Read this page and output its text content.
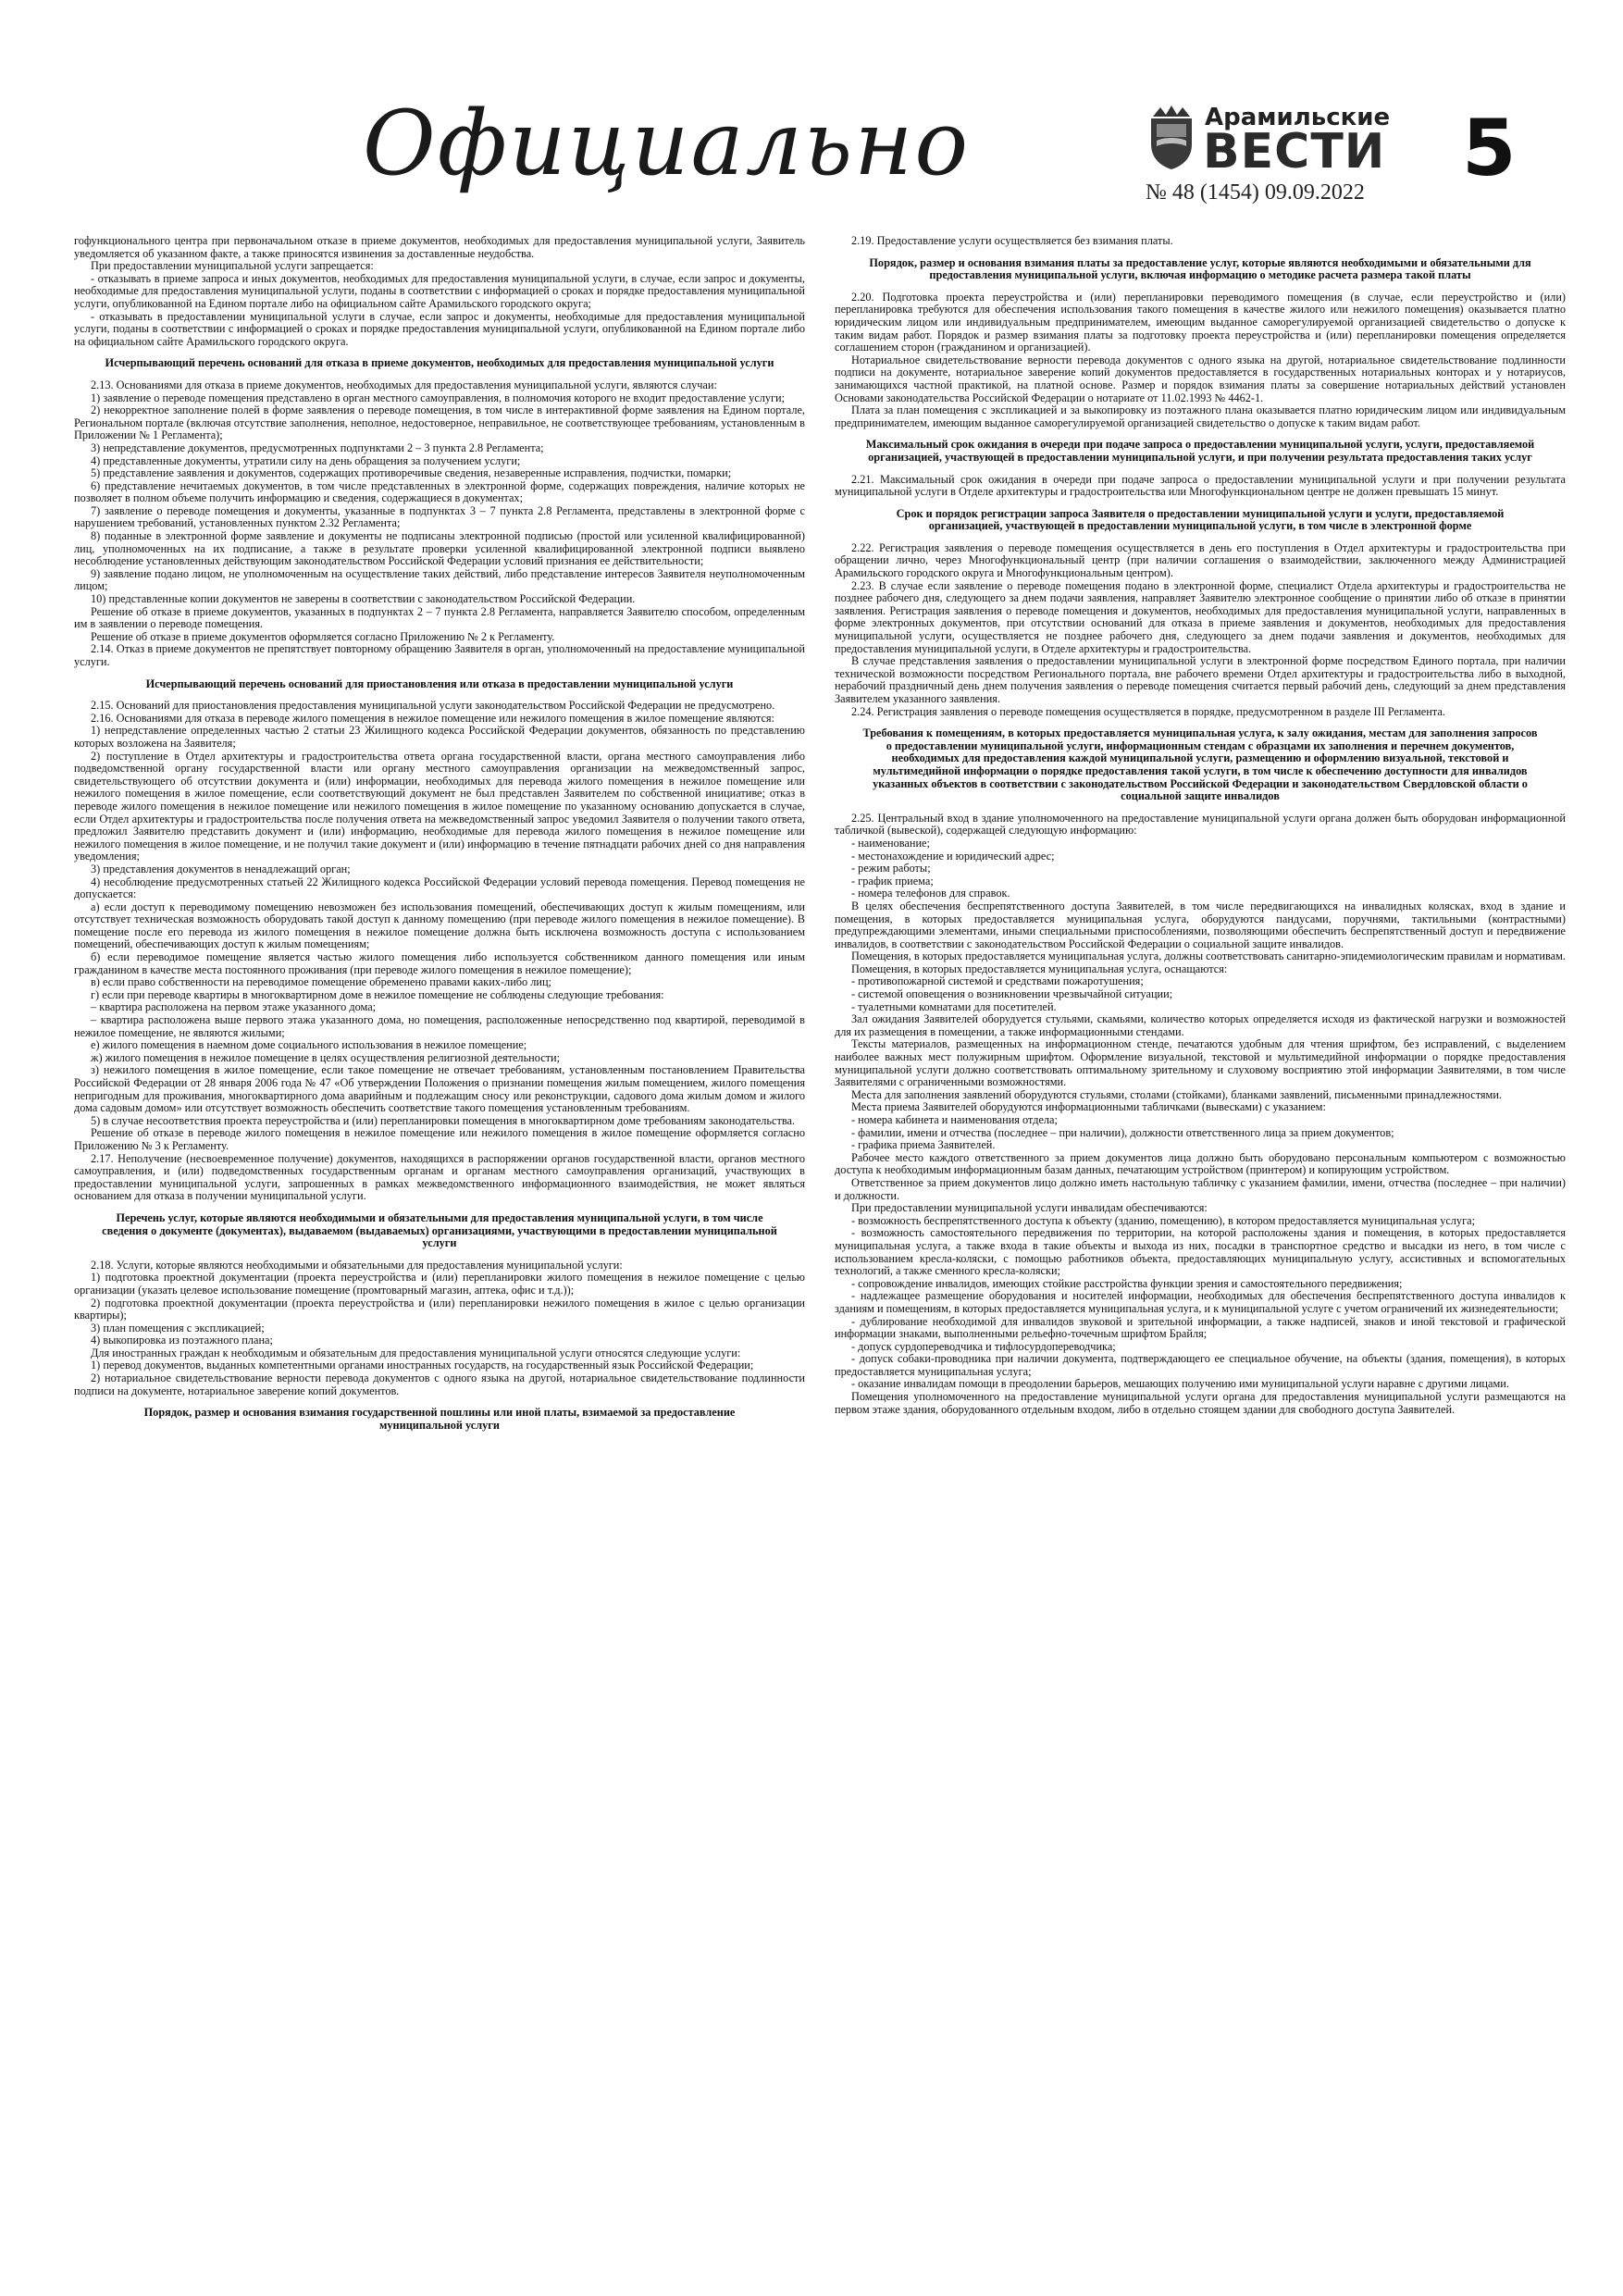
Официально	Арамильские
ВЕСТИ
№ 48 (1454) 09.09.2022 5

гофункционального центра при первоначальном отказе в приеме документов, необходимых для предоставления муниципальной услуги, Заявитель уведомляется об указанном факте, а также приносятся извинения за доставленные неудобства.

При предоставлении муниципальной услуги запрещается:

- отказывать в приеме запроса и иных документов, необходимых для предоставления муниципальной услуги, в случае, если запрос и документы, необходимые для предоставления муниципальной услуги, поданы в соответствии с информацией о сроках и порядке предоставления муниципальной услуги, опубликованной на Едином портале либо на официальном сайте Арамильского городского округа;

- отказывать в предоставлении муниципальной услуги в случае, если запрос и документы, необходимые для предоставления муниципальной услуги, поданы в соответствии с информацией о сроках и порядке предоставления муниципальной услуги, опубликованной на Едином портале либо на официальном сайте Арамильского городского округа.

Исчерпывающий перечень оснований для отказа в приеме документов, необходимых для предоставления муниципальной услуги

2.13. Основаниями для отказа в приеме документов, необходимых для предоставления муниципальной услуги, являются случаи:

1) заявление о переводе помещения представлено в орган местного самоуправления, в полномочия которого не входит предоставление услуги;

2) некорректное заполнение полей в форме заявления о переводе помещения, в том числе в интерактивной форме заявления на Едином портале, Региональном портале (включая отсутствие заполнения, неполное, недостоверное, неправильное, не соответствующее требованиям, установленным в Приложении № 1 Регламента);

3) непредставление документов, предусмотренных подпунктами 2 – 3 пункта 2.8 Регламента;

4) представленные документы, утратили силу на день обращения за получением услуги;

5) представление заявления и документов, содержащих противоречивые сведения, незаверенные исправления, подчистки, помарки;

6) представление нечитаемых документов, в том числе представленных в электронной форме, содержащих повреждения, наличие которых не позволяет в полном объеме получить информацию и сведения, содержащиеся в документах;

7) заявление о переводе помещения и документы, указанные в подпунктах 3 – 7 пункта 2.8 Регламента, представлены в электронной форме с нарушением требований, установленных пунктом 2.32 Регламента;

8) поданные в электронной форме заявление и документы не подписаны электронной подписью (простой или усиленной квалифицированной) лиц, уполномоченных на их подписание, а также в результате проверки усиленной квалифицированной электронной подписи выявлено несоблюдение установленных действующим законодательством Российской Федерации условий признания ее действительности;

9) заявление подано лицом, не уполномоченным на осуществление таких действий, либо представление интересов Заявителя неуполномоченным лицом;

10) представленные копии документов не заверены в соответствии с законодательством Российской Федерации.

Решение об отказе в приеме документов, указанных в подпунктах 2 – 7 пункта 2.8 Регламента, направляется Заявителю способом, определенным им в заявлении о переводе помещения.

Решение об отказе в приеме документов оформляется согласно Приложению № 2 к Регламенту.

2.14. Отказ в приеме документов не препятствует повторному обращению Заявителя в орган, уполномоченный на предоставление муниципальной услуги.

Исчерпывающий перечень оснований для приостановления или отказа в предоставлении муниципальной услуги

2.15. Оснований для приостановления предоставления муниципальной услуги законодательством Российской Федерации не предусмотрено.

2.16. Основаниями для отказа в переводе жилого помещения в нежилое помещение или нежилого помещения в жилое помещение являются:

1) непредставление определенных частью 2 статьи 23 Жилищного кодекса Российской Федерации документов, обязанность по представлению которых возложена на Заявителя;

2) поступление в Отдел архитектуры и градостроительства ответа органа государственной власти, органа местного самоуправления либо подведомственной органу государственной власти или органу местного самоуправления организации на межведомственный запрос, свидетельствующего об отсутствии документа и (или) информации, необходимых для перевода жилого помещения в нежилое помещение или нежилого помещения в жилое помещение, если соответствующий документ не был представлен Заявителем по собственной инициативе; отказ в переводе жилого помещения в нежилое помещение или нежилого помещения в жилое помещение по указанному основанию допускается в случае, если Отдел архитектуры и градостроительства после получения ответа на межведомственный запрос уведомил Заявителя о получении такого ответа, предложил Заявителю представить документ и (или) информацию, необходимые для перевода жилого помещения в нежилое помещение или нежилого помещения в жилое помещение, и не получил такие документ и (или) информацию в течение пятнадцати рабочих дней со дня направления уведомления;

3) представления документов в ненадлежащий орган;

4) несоблюдение предусмотренных статьей 22 Жилищного кодекса Российской Федерации условий перевода помещения. Перевод помещения не допускается:

а) если доступ к переводимому помещению невозможен без использования помещений, обеспечивающих доступ к жилым помещениям, или отсутствует техническая возможность оборудовать такой доступ к данному помещению (при переводе жилого помещения в нежилое помещение). В помещение после его перевода из жилого помещения в нежилое помещение должна быть исключена возможность доступа с использованием помещений, обеспечивающих доступ к жилым помещениям;

б) если переводимое помещение является частью жилого помещения либо используется собственником данного помещения или иным гражданином в качестве места постоянного проживания (при переводе жилого помещения в нежилое помещение);

в) если право собственности на переводимое помещение обременено правами каких-либо лиц;

г) если при переводе квартиры в многоквартирном доме в нежилое помещение не соблюдены следующие требования:

– квартира расположена на первом этаже указанного дома;

– квартира расположена выше первого этажа указанного дома, но помещения, расположенные непосредственно под квартирой, переводимой в нежилое помещение, не являются жилыми;

е) жилого помещения в наемном доме социального использования в нежилое помещение;

ж) жилого помещения в нежилое помещение в целях осуществления религиозной деятельности;

з) нежилого помещения в жилое помещение, если такое помещение не отвечает требованиям, установленным постановлением Правительства Российской Федерации от 28 января 2006 года № 47 «Об утверждении Положения о признании помещения жилым помещением, жилого помещения непригодным для проживания, многоквартирного дома аварийным и подлежащим сносу или реконструкции, садового дома жилым домом и жилого дома садовым домом» или отсутствует возможность обеспечить соответствие такого помещения установленным требованиям.

5) в случае несоответствия проекта переустройства и (или) перепланировки помещения в многоквартирном доме требованиям законодательства.

Решение об отказе в переводе жилого помещения в нежилое помещение или нежилого помещения в жилое помещение оформляется согласно Приложению № 3 к Регламенту.

2.17. Неполучение (несвоевременное получение) документов, находящихся в распоряжении органов государственной власти, органов местного самоуправления, и (или) подведомственных государственным органам и органам местного самоуправления организаций, участвующих в предоставлении муниципальной услуги, запрошенных в рамках межведомственного информационного взаимодействия, не может являться основанием для отказа в получении муниципальной услуги.

Перечень услуг, которые являются необходимыми и обязательными для предоставления муниципальной услуги, в том числе сведения о документе (документах), выдаваемом (выдаваемых) организациями, участвующими в предоставлении муниципальной услуги

2.18. Услуги, которые являются необходимыми и обязательными для предоставления муниципальной услуги:

1) подготовка проектной документации (проекта переустройства и (или) перепланировки жилого помещения в нежилое помещение с целью организации (указать целевое использование помещение (промтоварный магазин, аптека, офис и т.д.));

2) подготовка проектной документации (проекта переустройства и (или) перепланировки нежилого помещения в жилое с целью организации квартиры);

3) план помещения с экспликацией;

4) выкопировка из поэтажного плана;

Для иностранных граждан к необходимым и обязательным для предоставления муниципальной услуги относятся следующие услуги:

1) перевод документов, выданных компетентными органами иностранных государств, на государственный язык Российской Федерации;

2) нотариальное свидетельствование верности перевода документов с одного языка на другой, нотариальное свидетельствование подлинности подписи на документе, нотариальное заверение копий документов.

Порядок, размер и основания взимания государственной пошлины или иной платы, взимаемой за предоставление муниципальной услуги

2.19. Предоставление услуги осуществляется без взимания платы.

Порядок, размер и основания взимания платы за предоставление услуг, которые являются необходимыми и обязательными для предоставления муниципальной услуги, включая информацию о методике расчета размера такой платы

2.20. Подготовка проекта переустройства и (или) перепланировки переводимого помещения (в случае, если переустройство и (или) перепланировка требуются для обеспечения использования такого помещения в качестве жилого или нежилого помещения) оказывается платно юридическим лицом или индивидуальным предпринимателем, имеющим выданное саморегулируемой организацией свидетельство о допуске к таким видам работ. Порядок и размер взимания платы за подготовку проекта переустройства и (или) перепланировки помещения определяется соглашением сторон (гражданином и организацией).

Нотариальное свидетельствование верности перевода документов с одного языка на другой, нотариальное свидетельствование подлинности подписи на документе, нотариальное заверение копий документов предоставляется в государственных нотариальных конторах и у нотариусов, занимающихся частной практикой, на платной основе. Размер и порядок взимания платы за совершение нотариальных действий установлен Основами законодательства Российской Федерации о нотариате от 11.02.1993 № 4462-1.

Плата за план помещения с экспликацией и за выкопировку из поэтажного плана оказывается платно юридическим лицом или индивидуальным предпринимателем, имеющим выданное саморегулируемой организацией свидетельство о допуске к таким видам работ.

Максимальный срок ожидания в очереди при подаче запроса о предоставлении муниципальной услуги, услуги, предоставляемой организацией, участвующей в предоставлении муниципальной услуги, и при получении результата предоставления таких услуг

2.21. Максимальный срок ожидания в очереди при подаче запроса о предоставлении муниципальной услуги и при получении результата муниципальной услуги в Отделе архитектуры и градостроительства или Многофункциональном центре не должен превышать 15 минут.

Срок и порядок регистрации запроса Заявителя о предоставлении муниципальной услуги и услуги, предоставляемой организацией, участвующей в предоставлении муниципальной услуги, в том числе в электронной форме

2.22. Регистрация заявления о переводе помещения осуществляется в день его поступления в Отдел архитектуры и градостроительства при обращении лично, через Многофункциональный центр (при наличии соглашения о взаимодействии, заключенного между Администрацией Арамильского городского округа и Многофункциональным центром).

2.23. В случае если заявление о переводе помещения подано в электронной форме, специалист Отдела архитектуры и градостроительства не позднее рабочего дня, следующего за днем подачи заявления, направляет Заявителю электронное сообщение о принятии либо об отказе в принятии заявления. Регистрация заявления о переводе помещения и документов, необходимых для предоставления муниципальной услуги, направленных в форме электронных документов, при отсутствии оснований для отказа в приеме заявления и документов, необходимых для предоставления муниципальной услуги, осуществляется не позднее рабочего дня, следующего за днем подачи заявления и документов, необходимых для предоставления муниципальной услуги, в Отделе архитектуры и градостроительства.

В случае представления заявления о предоставлении муниципальной услуги в электронной форме посредством Единого портала, при наличии технической возможности посредством Регионального портала, вне рабочего времени Отдел архитектуры и градостроительства либо в выходной, нерабочий праздничный день днем получения заявления о переводе помещения считается первый рабочий день, следующий за днем представления Заявителем указанного заявления.

2.24. Регистрация заявления о переводе помещения осуществляется в порядке, предусмотренном в разделе III Регламента.

Требования к помещениям, в которых предоставляется муниципальная услуга, к залу ожидания, местам для заполнения запросов о предоставлении муниципальной услуги, информационным стендам с образцами их заполнения и перечнем документов, необходимых для предоставления каждой муниципальной услуги, размещению и оформлению визуальной, текстовой и мультимедийной информации о порядке предоставления такой услуги, в том числе к обеспечению доступности для инвалидов указанных объектов в соответствии с законодательством Российской Федерации и законодательством Свердловской области о социальной защите инвалидов

2.25. Центральный вход в здание уполномоченного на предоставление муниципальной услуги органа должен быть оборудован информационной табличкой (вывеской), содержащей следующую информацию:

- наименование;

- местонахождение и юридический адрес;

- режим работы;

- график приема;

- номера телефонов для справок.

В целях обеспечения беспрепятственного доступа Заявителей, в том числе передвигающихся на инвалидных колясках, вход в здание и помещения, в которых предоставляется муниципальная услуга, оборудуются пандусами, поручнями, тактильными (контрастными) предупреждающими элементами, иными специальными приспособлениями, позволяющими обеспечить беспрепятственный доступ и передвижение инвалидов, в соответствии с законодательством Российской Федерации о социальной защите инвалидов.

Помещения, в которых предоставляется муниципальная услуга, должны соответствовать санитарно-эпидемиологическим правилам и нормативам.

Помещения, в которых предоставляется муниципальная услуга, оснащаются:

- противопожарной системой и средствами пожаротушения;

- системой оповещения о возникновении чрезвычайной ситуации;

- туалетными комнатами для посетителей.

Зал ожидания Заявителей оборудуется стульями, скамьями, количество которых определяется исходя из фактической нагрузки и возможностей для их размещения в помещении, а также информационными стендами.

Тексты материалов, размещенных на информационном стенде, печатаются удобным для чтения шрифтом, без исправлений, с выделением наиболее важных мест полужирным шрифтом. Оформление визуальной, текстовой и мультимедийной информации о порядке предоставления муниципальной услуги должно соответствовать оптимальному зрительному и слуховому восприятию этой информации Заявителями, в том числе Заявителями с ограниченными возможностями.

Места для заполнения заявлений оборудуются стульями, столами (стойками), бланками заявлений, письменными принадлежностями.

Места приема Заявителей оборудуются информационными табличками (вывесками) с указанием:

- номера кабинета и наименования отдела;

- фамилии, имени и отчества (последнее – при наличии), должности ответственного лица за прием документов;

- графика приема Заявителей.

Рабочее место каждого ответственного за прием документов лица должно быть оборудовано персональным компьютером с возможностью доступа к необходимым информационным базам данных, печатающим устройством (принтером) и копирующим устройством.

Ответственное за прием документов лицо должно иметь настольную табличку с указанием фамилии, имени, отчества (последнее – при наличии) и должности.

При предоставлении муниципальной услуги инвалидам обеспечиваются:

- возможность беспрепятственного доступа к объекту (зданию, помещению), в котором предоставляется муниципальная услуга;

- возможность самостоятельного передвижения по территории, на которой расположены здания и помещения, в которых предоставляется муниципальная услуга, а также входа в такие объекты и выхода из них, посадки в транспортное средство и высадки из него, в том числе с использованием кресла-коляски, с помощью работников объекта, предоставляющих муниципальную услугу, ассистивных и вспомогательных технологий, а также сменного кресла-коляски;

- сопровождение инвалидов, имеющих стойкие расстройства функции зрения и самостоятельного передвижения;

- надлежащее размещение оборудования и носителей информации, необходимых для обеспечения беспрепятственного доступа инвалидов к зданиям и помещениям, в которых предоставляется муниципальная услуга, и к муниципальной услуге с учетом ограничений их жизнедеятельности;

- дублирование необходимой для инвалидов звуковой и зрительной информации, а также надписей, знаков и иной текстовой и графической информации знаками, выполненными рельефно-точечным шрифтом Брайля;

- допуск сурдопереводчика и тифлосурдопереводчика;

- допуск собаки-проводника при наличии документа, подтверждающего ее специальное обучение, на объекты (здания, помещения), в которых предоставляется муниципальная услуга;

- оказание инвалидам помощи в преодолении барьеров, мешающих получению ими муниципальной услуги наравне с другими лицами.

Помещения уполномоченного на предоставление муниципальной услуги органа для предоставления муниципальной услуги размещаются на первом этаже здания, оборудованного отдельным входом, либо в отдельно стоящем здании для свободного доступа Заявителей.
